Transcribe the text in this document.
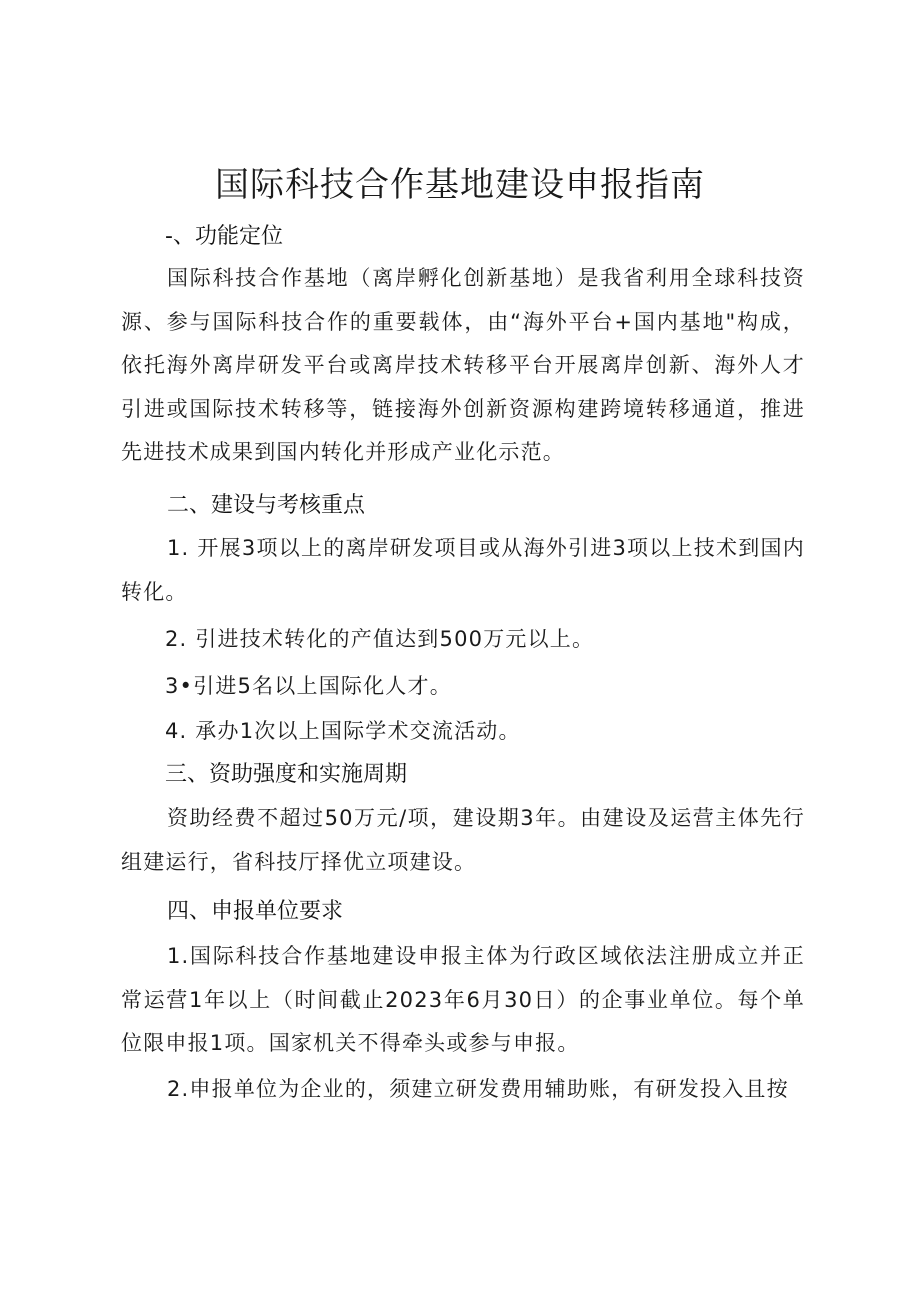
国际科技合作基地建设申报指南
-、功能定位
国际科技合作基地（离岸孵化创新基地）是我省利用全球科技资源、参与国际科技合作的重要载体，由“海外平台+国内基地"构成，依托海外离岸研发平台或离岸技术转移平台开展离岸创新、海外人才引进或国际技术转移等，链接海外创新资源构建跨境转移通道，推进先进技术成果到国内转化并形成产业化示范。
二、建设与考核重点
1. 开展3项以上的离岸研发项目或从海外引进3项以上技术到国内转化。
2. 引进技术转化的产值达到500万元以上。
3•引进5名以上国际化人才。
4. 承办1次以上国际学术交流活动。
三、资助强度和实施周期
资助经费不超过50万元/项，建设期3年。由建设及运营主体先行组建运行，省科技厅择优立项建设。
四、申报单位要求
1.国际科技合作基地建设申报主体为行政区域依法注册成立并正常运营1年以上（时间截止2023年6月30日）的企事业单位。每个单位限申报1项。国家机关不得牵头或参与申报。
2.申报单位为企业的，须建立研发费用辅助账，有研发投入且按
